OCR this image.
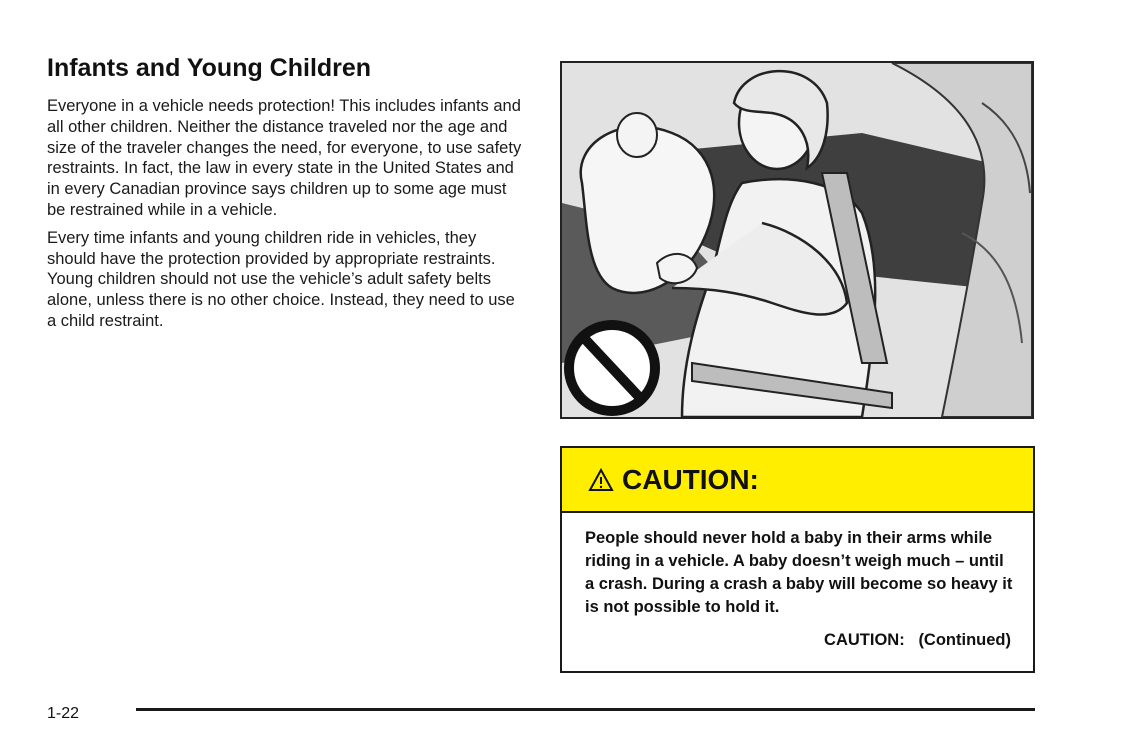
Infants and Young Children

Everyone in a vehicle needs protection! This includes infants and all other children. Neither the distance traveled nor the age and size of the traveler changes the need, for everyone, to use safety restraints. In fact, the law in every state in the United States and in every Canadian province says children up to some age must be restrained while in a vehicle.

Every time infants and young children ride in vehicles, they should have the protection provided by appropriate restraints. Young children should not use the vehicle’s adult safety belts alone, unless there is no other choice. Instead, they need to use a child restraint.

CAUTION:

People should never hold a baby in their arms while riding in a vehicle. A baby doesn’t weigh much – until a crash. During a crash a baby will become so heavy it is not possible to hold it.

CAUTION:   (Continued)
1-22
